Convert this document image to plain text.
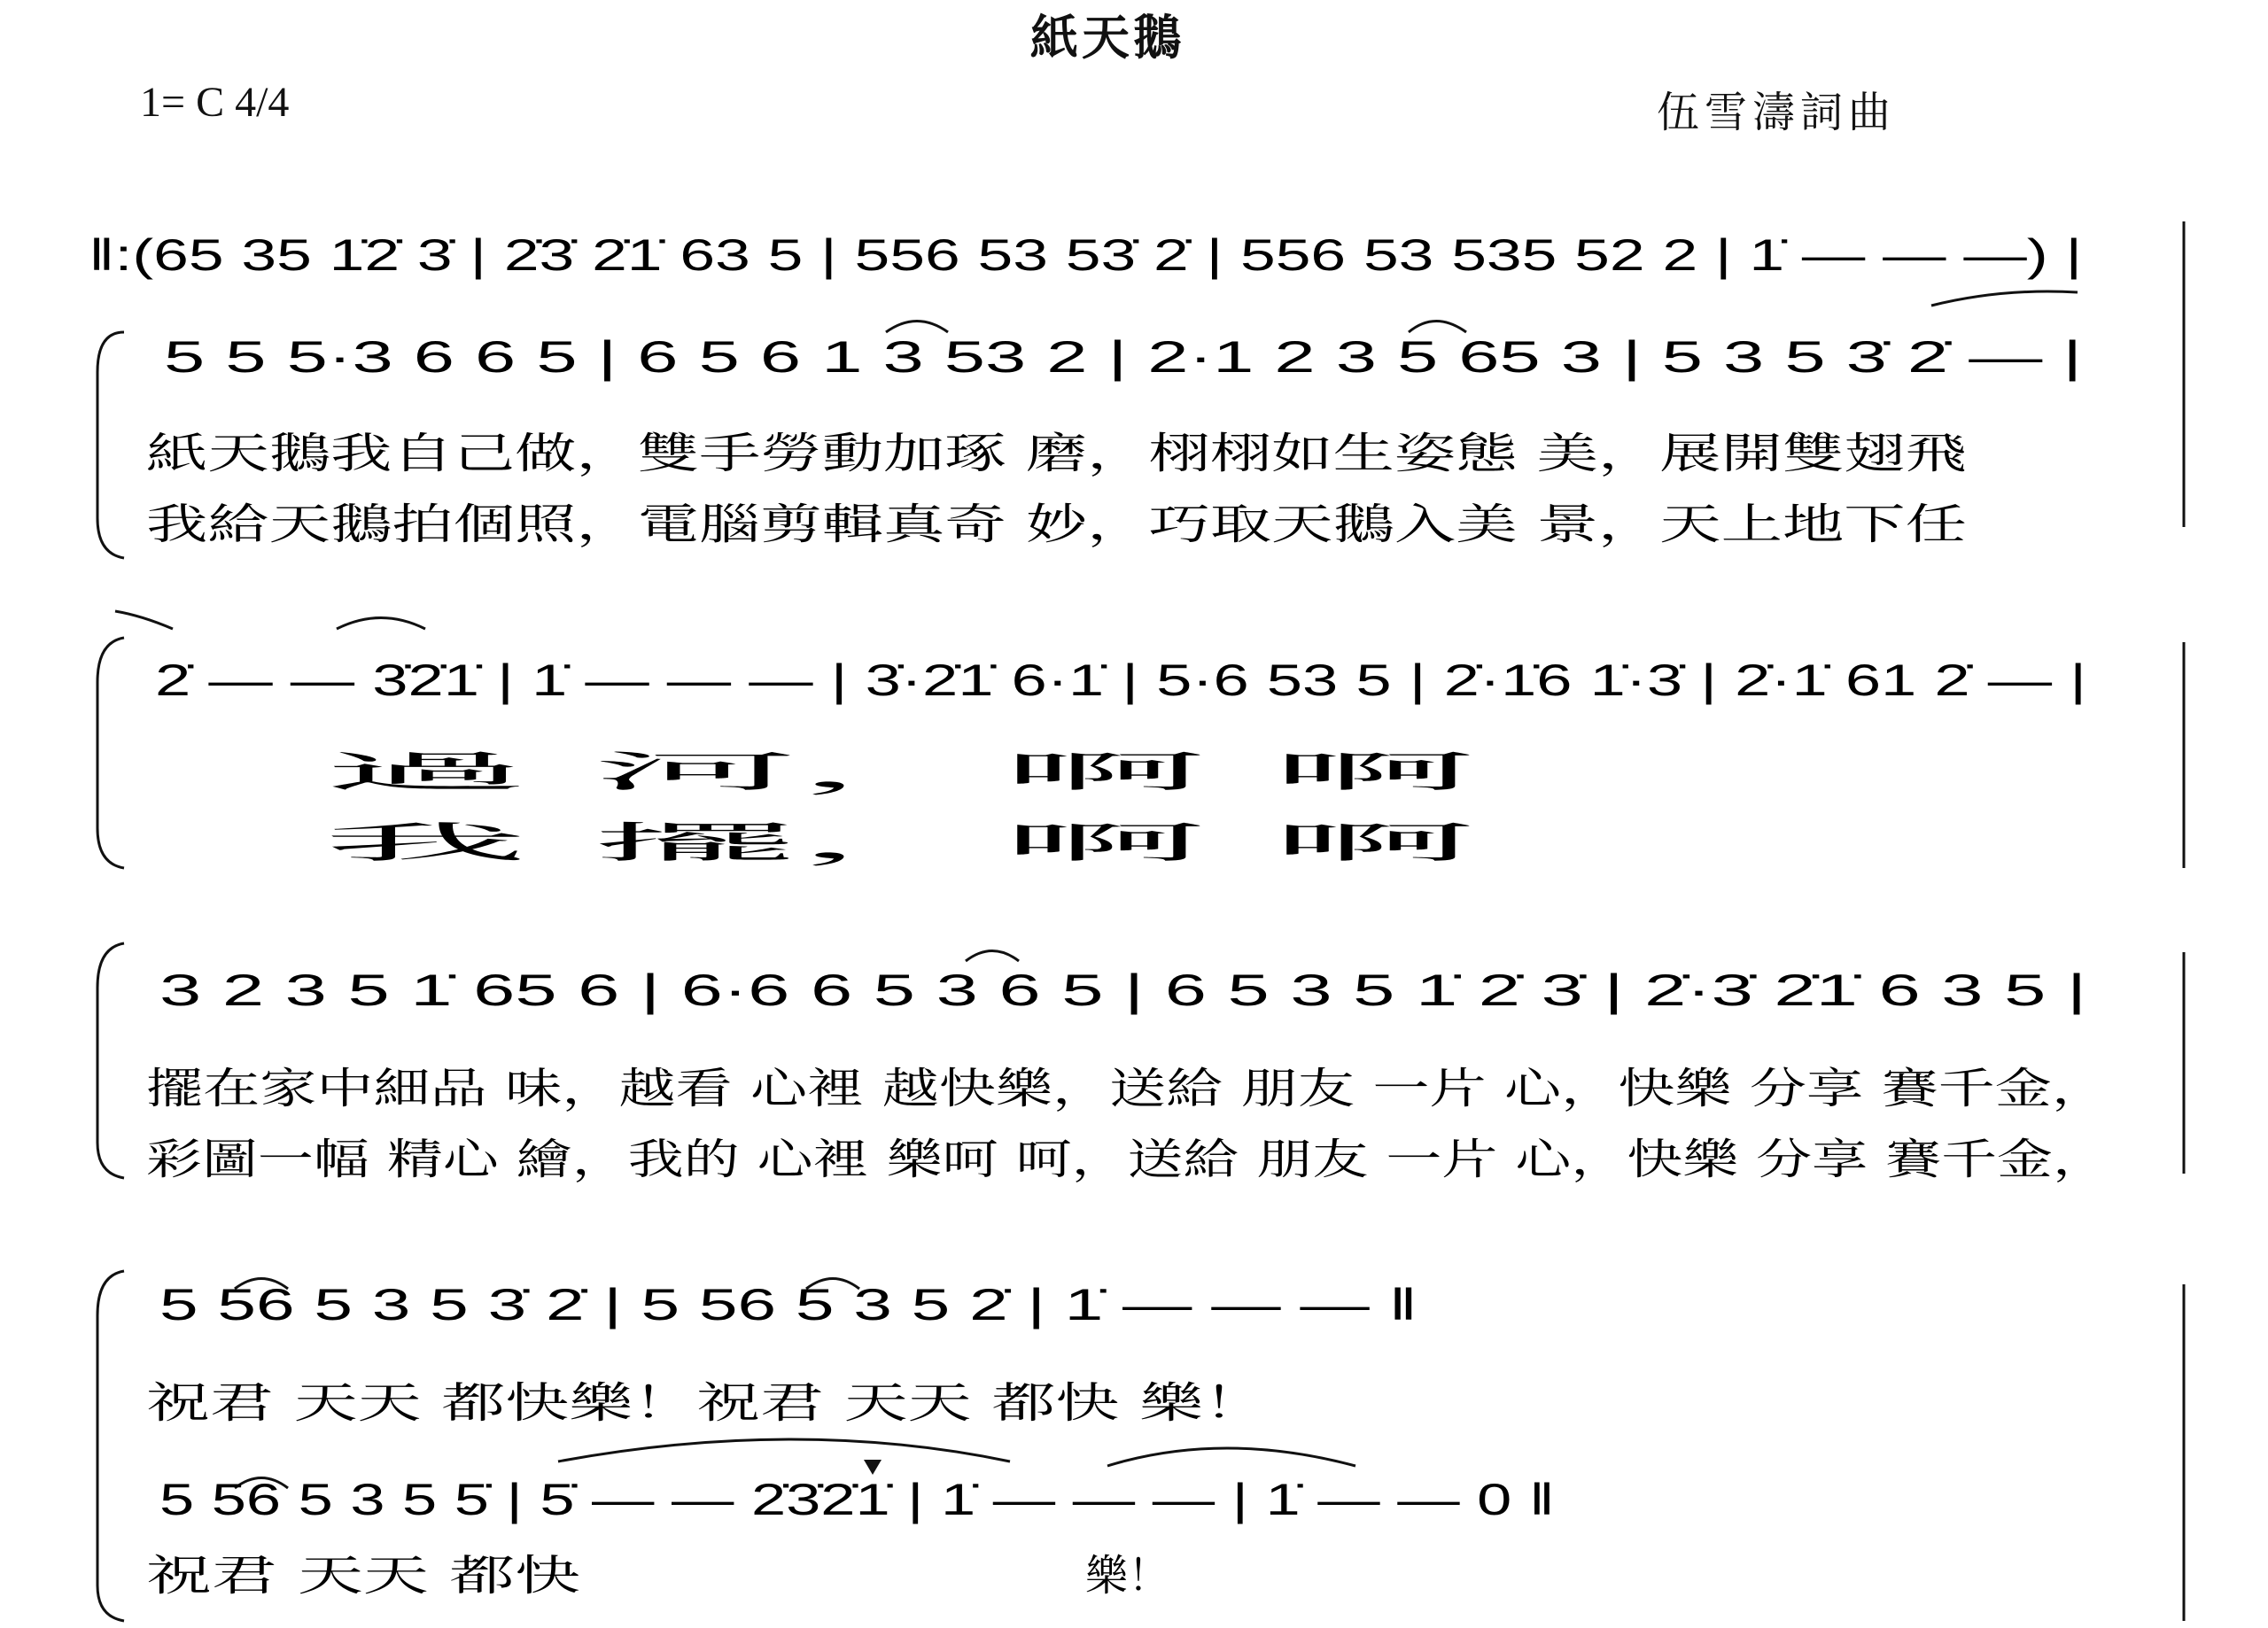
紙天鵝
1= C 4/4	伍雪濤詞曲
‖:(65 35 1̇2̇ 3̇ | 2̇3̇ 2̇1̇ 63 5 | 556 53 53̇ 2̇ | 556 53 535 52 2 | 1̇ — — —) |
5 5 5·3 6 6 5 | 6 5 6 1 3 53 2 | 2·1 2 3 5 65 3 | 5 3 5 3̇ 2̇ — |
2̇ — — 3̇2̇1̇ | 1̇ — — — | 3̇·2̇1̇ 6·1̇ | 5·6 53 5 | 2̇·1̇6 1̇·3̇ | 2̇·1̇ 61 2̇ — |
3 2 3 5 1̇ 65 6 | 6·6 6 5 3 6 5 | 6 5 3 5 1̇ 2̇ 3̇ | 2̇·3̇ 2̇1̇ 6 3 5 |
5 56 5 3 5 3̇ 2̇ | 5 56 5 3 5 2̇ | 1̇ — — — ‖
5 56 5 3 5 5̇ | 5̇ — — 2̇3̇2̇1̇ | 1̇ — — — | 1̇ — — 0 ‖
紙天鵝我自己做，雙手勞動加琢 磨，栩栩如生姿態 美，展開雙翅飛
我給天鵝拍個照，電腦剪輯真奇 妙，巧取天鵝入美 景，天上地下任
過 河，啊 啊
我 擺，啊 啊
擺在家中細品 味，越看 心裡 越快樂，送給 朋友 一片 心，快樂 分享 賽千金，
彩圖一幅 精心 繪，我的 心裡 樂呵 呵，送給 朋友 一片 心，快樂 分享 賽千金，
祝君 天天 都快樂！祝君 天天 都快 樂！
祝君 天天 都快	樂！
